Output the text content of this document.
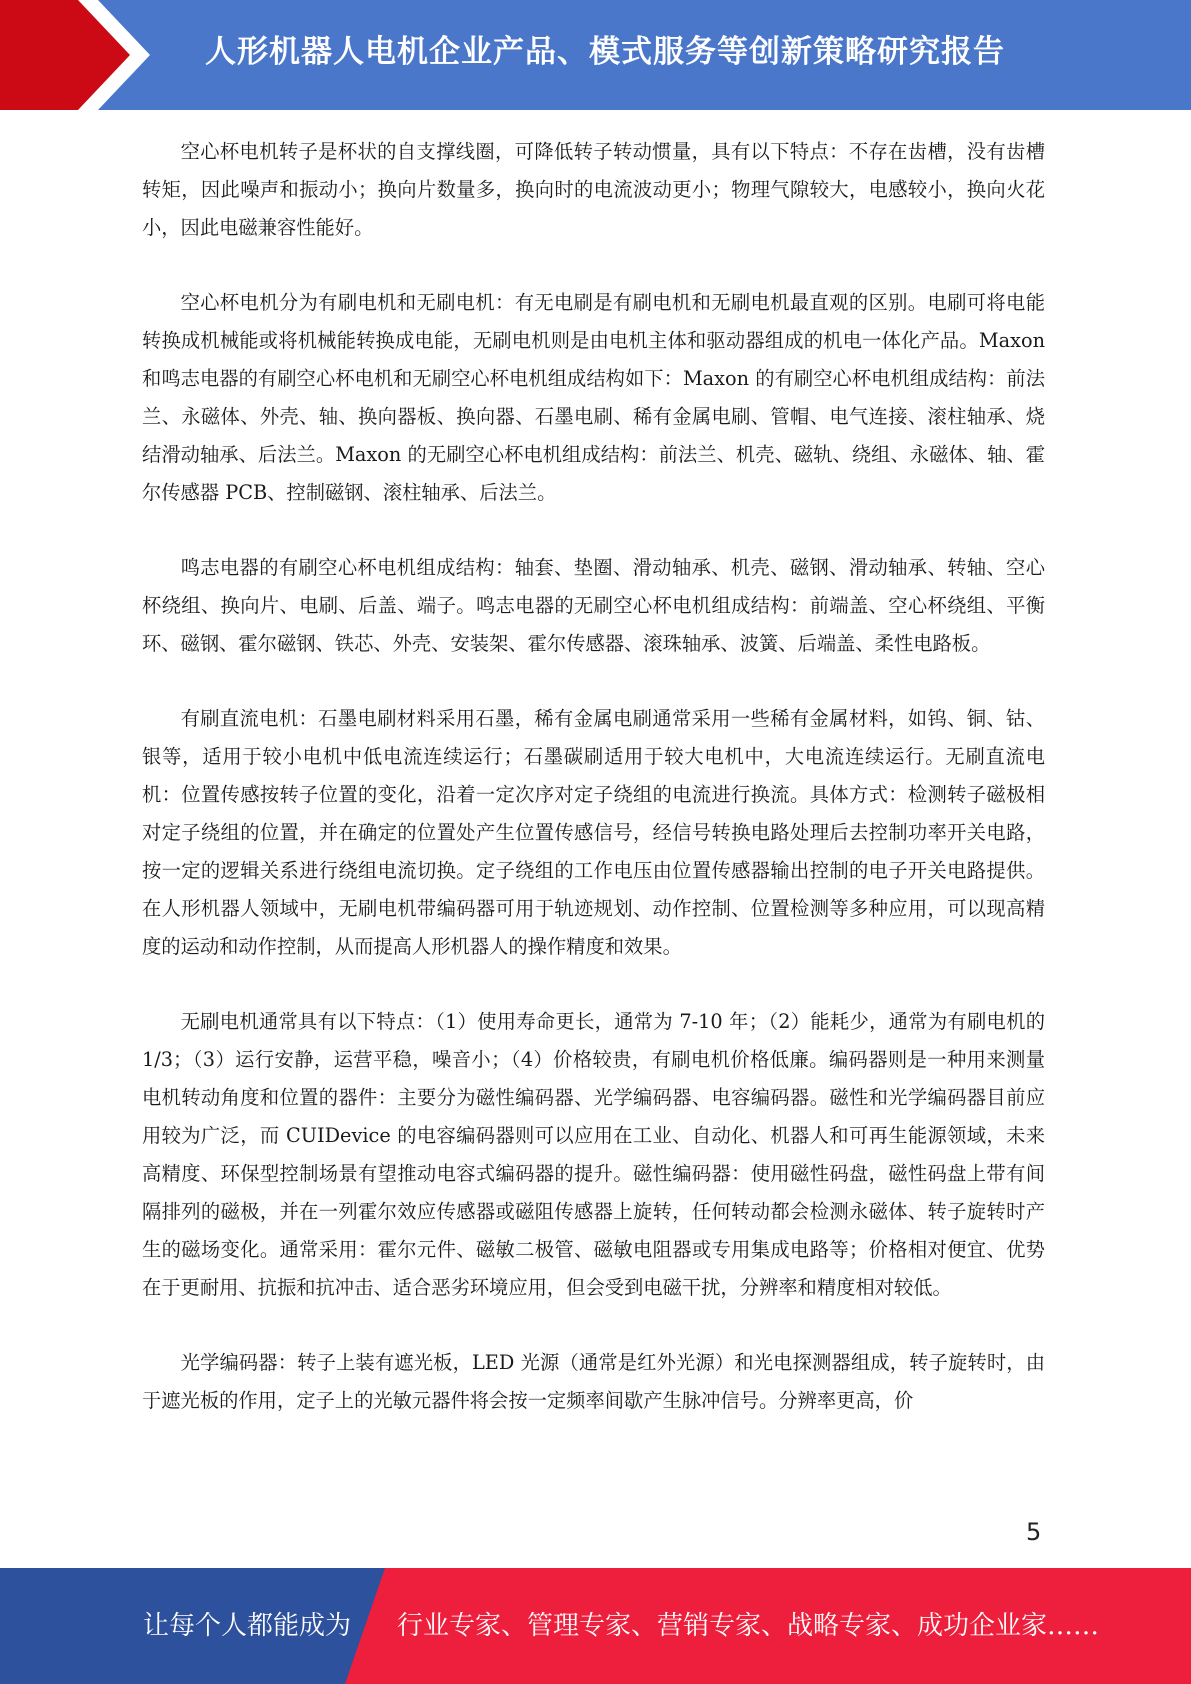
人形机器人电机企业产品、模式服务等创新策略研究报告

空心杯电机转子是杯状的自支撑线圈，可降低转子转动惯量，具有以下特点：不存在齿槽，没有齿槽转矩，因此噪声和振动小；换向片数量多，换向时的电流波动更小；物理气隙较大，电感较小，换向火花小，因此电磁兼容性能好。

空心杯电机分为有刷电机和无刷电机：有无电刷是有刷电机和无刷电机最直观的区别。电刷可将电能转换成机械能或将机械能转换成电能，无刷电机则是由电机主体和驱动器组成的机电一体化产品。Maxon 和鸣志电器的有刷空心杯电机和无刷空心杯电机组成结构如下：Maxon 的有刷空心杯电机组成结构：前法兰、永磁体、外壳、轴、换向器板、换向器、石墨电刷、稀有金属电刷、管帽、电气连接、滚柱轴承、烧结滑动轴承、后法兰。Maxon 的无刷空心杯电机组成结构：前法兰、机壳、磁轨、绕组、永磁体、轴、霍尔传感器 PCB、控制磁钢、滚柱轴承、后法兰。

鸣志电器的有刷空心杯电机组成结构：轴套、垫圈、滑动轴承、机壳、磁钢、滑动轴承、转轴、空心杯绕组、换向片、电刷、后盖、端子。鸣志电器的无刷空心杯电机组成结构：前端盖、空心杯绕组、平衡环、磁钢、霍尔磁钢、铁芯、外壳、安装架、霍尔传感器、滚珠轴承、波簧、后端盖、柔性电路板。

有刷直流电机：石墨电刷材料采用石墨，稀有金属电刷通常采用一些稀有金属材料，如钨、铜、钴、银等，适用于较小电机中低电流连续运行；石墨碳刷适用于较大电机中，大电流连续运行。无刷直流电机：位置传感按转子位置的变化，沿着一定次序对定子绕组的电流进行换流。具体方式：检测转子磁极相对定子绕组的位置，并在确定的位置处产生位置传感信号，经信号转换电路处理后去控制功率开关电路，按一定的逻辑关系进行绕组电流切换。定子绕组的工作电压由位置传感器输出控制的电子开关电路提供。在人形机器人领域中，无刷电机带编码器可用于轨迹规划、动作控制、位置检测等多种应用，可以现高精度的运动和动作控制，从而提高人形机器人的操作精度和效果。

无刷电机通常具有以下特点：（1）使用寿命更长，通常为 7-10 年；（2）能耗少，通常为有刷电机的 1/3；（3）运行安静，运营平稳，噪音小；（4）价格较贵，有刷电机价格低廉。编码器则是一种用来测量电机转动角度和位置的器件：主要分为磁性编码器、光学编码器、电容编码器。磁性和光学编码器目前应用较为广泛，而 CUIDevice 的电容编码器则可以应用在工业、自动化、机器人和可再生能源领域，未来高精度、环保型控制场景有望推动电容式编码器的提升。磁性编码器：使用磁性码盘，磁性码盘上带有间隔排列的磁极，并在一列霍尔效应传感器或磁阻传感器上旋转，任何转动都会检测永磁体、转子旋转时产生的磁场变化。通常采用：霍尔元件、磁敏二极管、磁敏电阻器或专用集成电路等；价格相对便宜、优势在于更耐用、抗振和抗冲击、适合恶劣环境应用，但会受到电磁干扰，分辨率和精度相对较低。

光学编码器：转子上装有遮光板，LED 光源（通常是红外光源）和光电探测器组成，转子旋转时，由于遮光板的作用，定子上的光敏元器件将会按一定频率间歇产生脉冲信号。分辨率更高，价

5
让每个人都能成为 行业专家、管理专家、营销专家、战略专家、成功企业家……
